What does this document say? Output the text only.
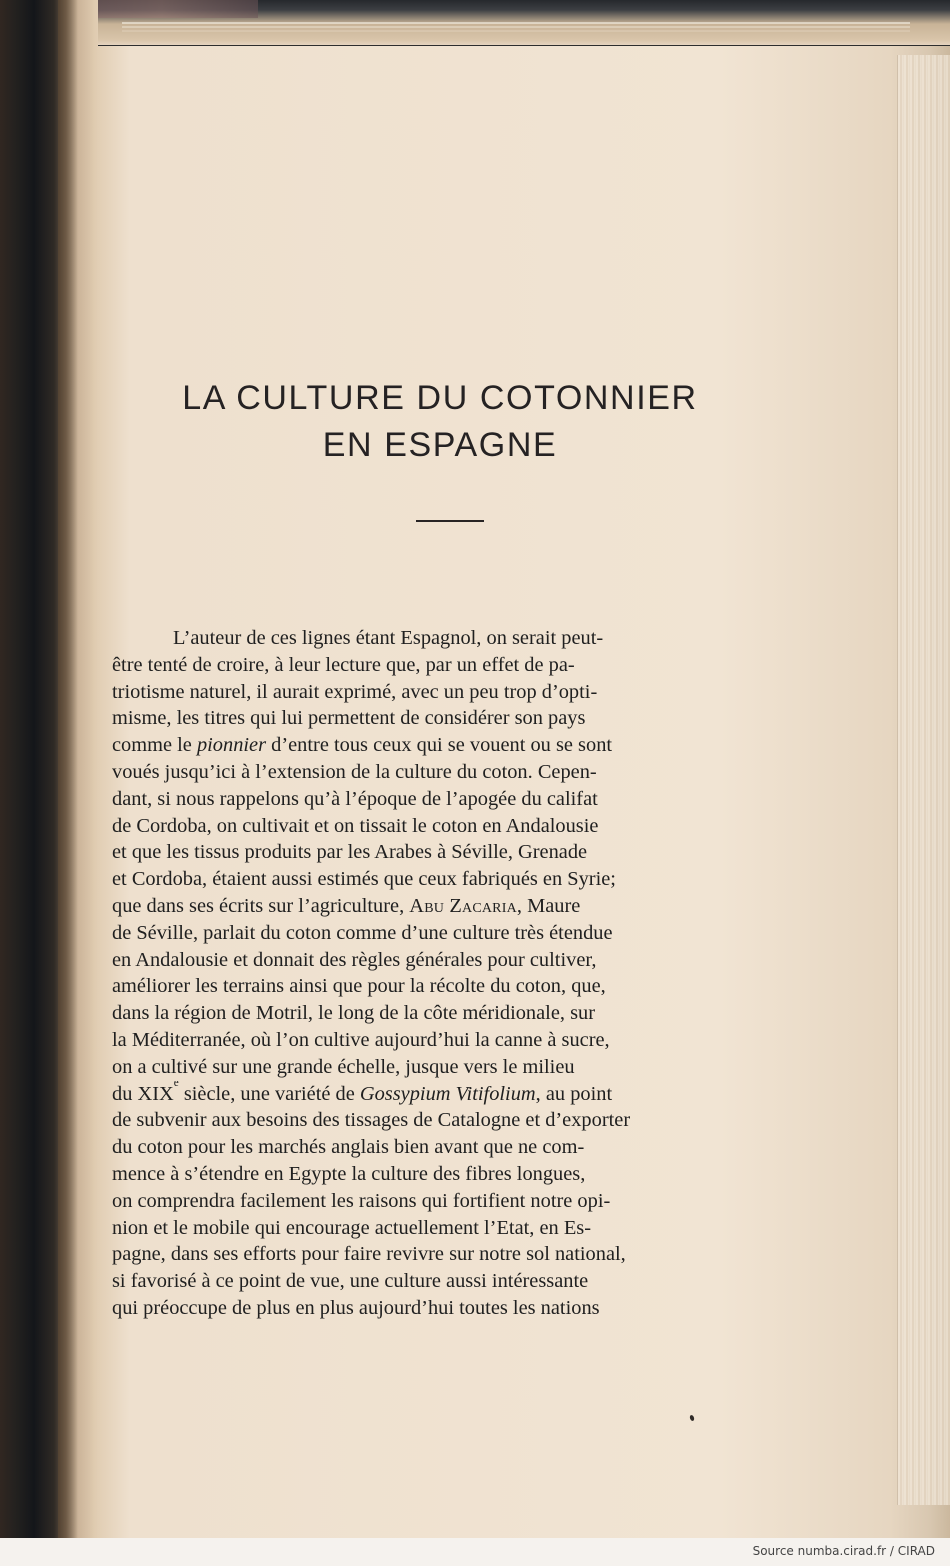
LA CULTURE DU COTONNIER
EN ESPAGNE
L’auteur de ces lignes étant Espagnol, on serait peut-
être tenté de croire, à leur lecture que, par un effet de pa-
triotisme naturel, il aurait exprimé, avec un peu trop d’opti-
misme, les titres qui lui permettent de considérer son pays
comme le pionnier d’entre tous ceux qui se vouent ou se sont
voués jusqu’ici à l’extension de la culture du coton. Cepen-
dant, si nous rappelons qu’à l’époque de l’apogée du califat
de Cordoba, on cultivait et on tissait le coton en Andalousie
et que les tissus produits par les Arabes à Séville, Grenade
et Cordoba, étaient aussi estimés que ceux fabriqués en Syrie;
que dans ses écrits sur l’agriculture, Abu Zacaria, Maure
de Séville, parlait du coton comme d’une culture très étendue
en Andalousie et donnait des règles générales pour cultiver,
améliorer les terrains ainsi que pour la récolte du coton, que,
dans la région de Motril, le long de la côte méridionale, sur
la Méditerranée, où l’on cultive aujourd’hui la canne à sucre,
on a cultivé sur une grande échelle, jusque vers le milieu
du XIXe siècle, une variété de Gossypium Vitifolium, au point
de subvenir aux besoins des tissages de Catalogne et d’exporter
du coton pour les marchés anglais bien avant que ne com-
mence à s’étendre en Egypte la culture des fibres longues,
on comprendra facilement les raisons qui fortifient notre opi-
nion et le mobile qui encourage actuellement l’Etat, en Es-
pagne, dans ses efforts pour faire revivre sur notre sol national,
si favorisé à ce point de vue, une culture aussi intéressante
qui préoccupe de plus en plus aujourd’hui toutes les nations
Source numba.cirad.fr / CIRAD
